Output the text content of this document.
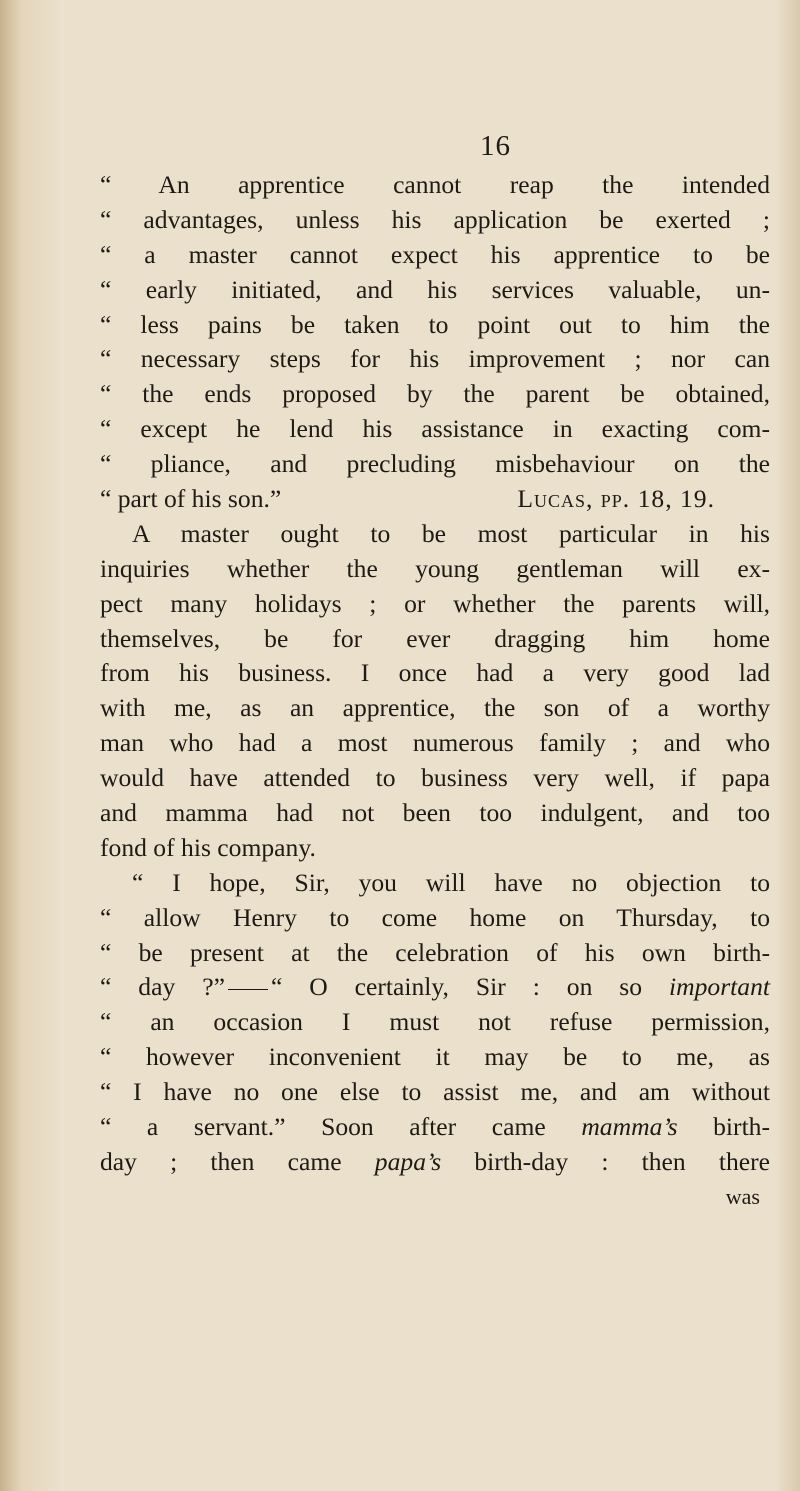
16

“ An apprentice cannot reap the intended
“ advantages, unless his application be exerted ;
“ a master cannot expect his apprentice to be
“ early initiated, and his services valuable, un-
“ less pains be taken to point out to him the
“ necessary steps for his improvement ; nor can
“ the ends proposed by the parent be obtained,
“ except he lend his assistance in exacting com-
“ pliance, and precluding misbehaviour on the
“ part of his son.”	Lucas, pp. 18, 19.
A master ought to be most particular in his
inquiries whether the young gentleman will ex-
pect many holidays ; or whether the parents will,
themselves, be for ever dragging him home
from his business. I once had a very good lad
with me, as an apprentice, the son of a worthy
man who had a most numerous family ; and who
would have attended to business very well, if papa
and mamma had not been too indulgent, and too
fond of his company.
“ I hope, Sir, you will have no objection to
“ allow Henry to come home on Thursday, to
“ be present at the celebration of his own birth-
“ day ?” “ O certainly, Sir : on so important
“ an occasion I must not refuse permission,
“ however inconvenient it may be to me, as
“ I have no one else to assist me, and am without
“ a servant.” Soon after came mamma’s birth-
day ; then came papa’s birth-day : then there
was
